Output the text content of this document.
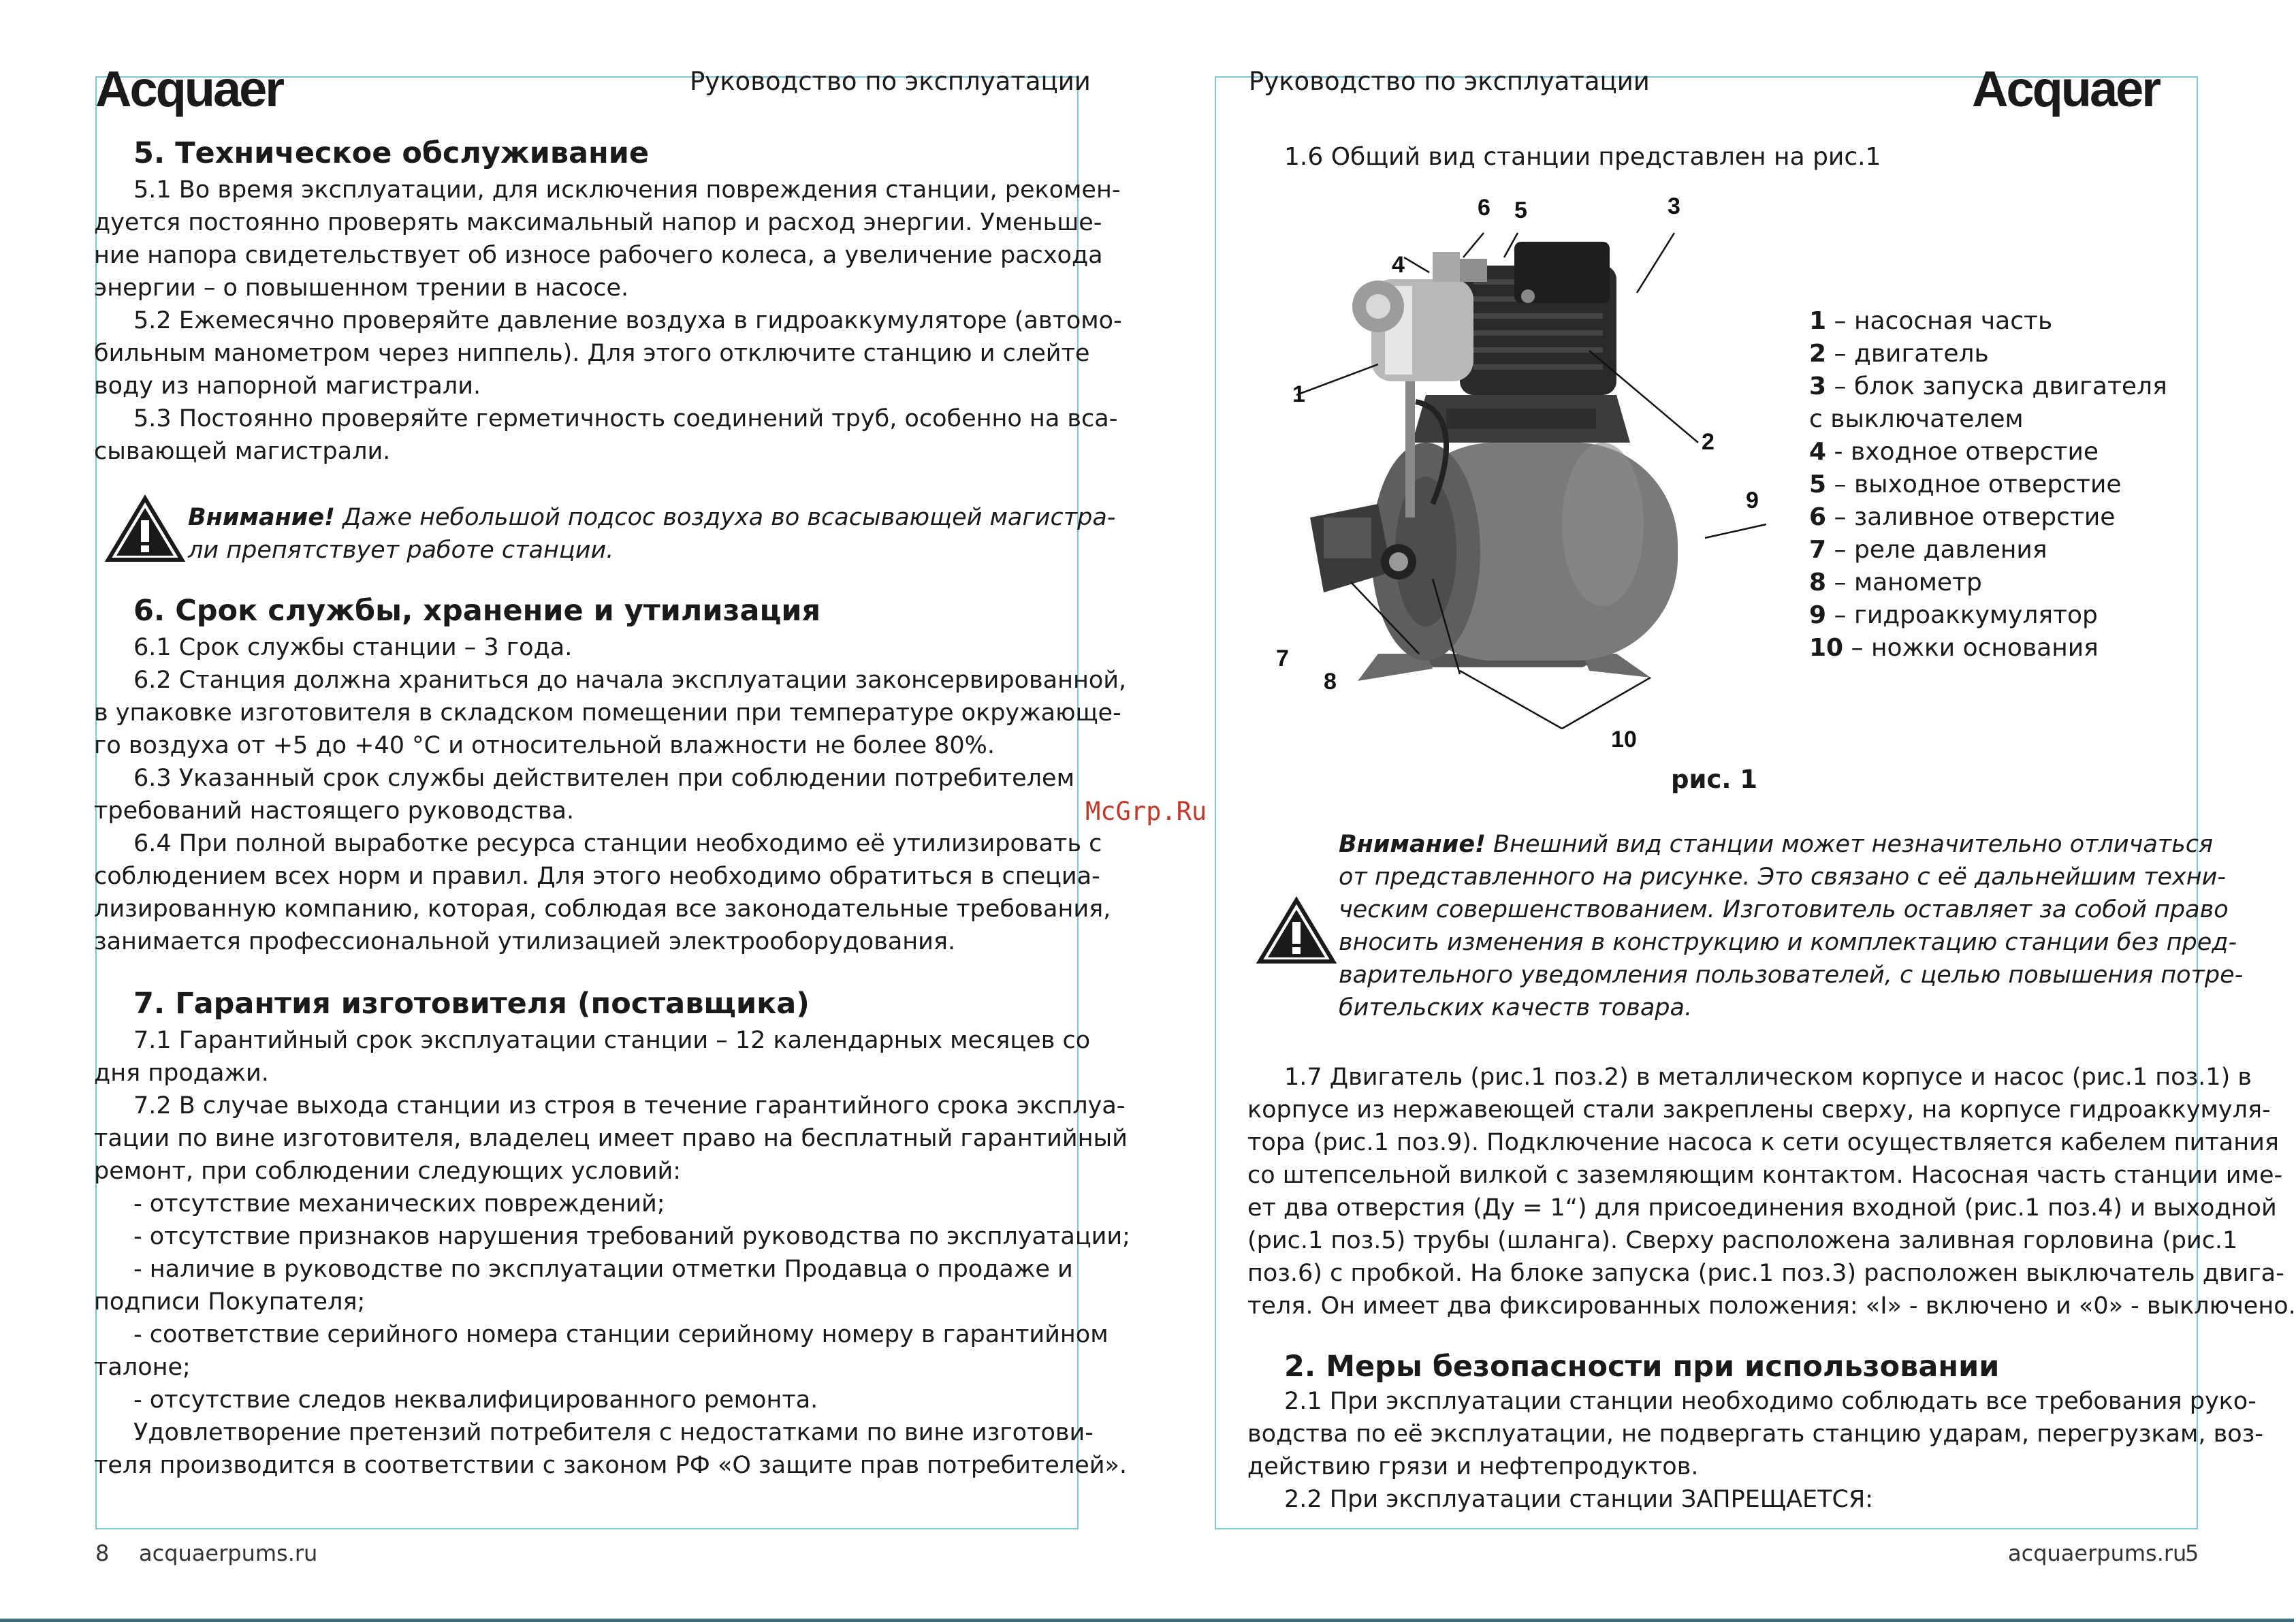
Acquaer	Руководство по эксплуатации
5. Техническое обслуживание
5.1 Во время эксплуатации, для исключения повреждения станции, рекомен-
дуется постоянно проверять максимальный напор и расход энергии. Уменьше-
ние напора свидетельствует об износе рабочего колеса, а увеличение расхода
энергии – о повышенном трении в насосе.
5.2 Ежемесячно проверяйте давление воздуха в гидроаккумуляторе (автомо-
бильным манометром через ниппель). Для этого отключите станцию и слейте
воду из напорной магистрали.
5.3 Постоянно проверяйте герметичность соединений труб, особенно на вса-
сывающей магистрали.
Внимание! Даже небольшой подсос воздуха во всасывающей магистра-
ли препятствует работе станции.
6. Срок службы, хранение и утилизация
6.1 Срок службы станции – 3 года.
6.2 Станция должна храниться до начала эксплуатации законсервированной,
в упаковке изготовителя в складском помещении при температуре окружающе-
го воздуха от +5 до +40 °С и относительной влажности не более 80%.
6.3 Указанный срок службы действителен при соблюдении потребителем
требований настоящего руководства.
6.4 При полной выработке ресурса станции необходимо её утилизировать с
соблюдением всех норм и правил. Для этого необходимо обратиться в специа-
лизированную компанию, которая, соблюдая все законодательные требования,
занимается профессиональной утилизацией электрооборудования.
7. Гарантия изготовителя (поставщика)
7.1 Гарантийный срок эксплуатации станции – 12 календарных месяцев со
дня продажи.
7.2 В случае выхода станции из строя в течение гарантийного срока эксплуа-
тации по вине изготовителя, владелец имеет право на бесплатный гарантийный
ремонт, при соблюдении следующих условий:
- отсутствие механических повреждений;
- отсутствие признаков нарушения требований руководства по эксплуатации;
- наличие в руководстве по эксплуатации отметки Продавца о продаже и
подписи Покупателя;
- соответствие серийного номера станции серийному номеру в гарантийном
талоне;
- отсутствие следов неквалифицированного ремонта.
Удовлетворение претензий потребителя с недостатками по вине изготови-
теля производится в соответствии с законом РФ «О защите прав потребителей».
8 acquaerpums.ru
McGrp.Ru
Руководство по эксплуатации	Acquaer
1.6 Общий вид станции представлен на рис.1
1
2
3
4
5
6
7
8
9
10
рис. 1
1 – насосная часть
2 – двигатель
3 – блок запуска двигателя
с выключателем
4 - входное отверстие
5 – выходное отверстие
6 – заливное отверстие
7 – реле давления
8 – манометр
9 – гидроаккумулятор
10 – ножки основания
Внимание! Внешний вид станции может незначительно отличаться
от представленного на рисунке. Это связано с её дальнейшим техни-
ческим совершенствованием. Изготовитель оставляет за собой право
вносить изменения в конструкцию и комплектацию станции без пред-
варительного уведомления пользователей, с целью повышения потре-
бительских качеств товара.
1.7 Двигатель (рис.1 поз.2) в металлическом корпусе и насос (рис.1 поз.1) в
корпусе из нержавеющей стали закреплены сверху, на корпусе гидроаккумуля-
тора (рис.1 поз.9). Подключение насоса к сети осуществляется кабелем питания
со штепсельной вилкой с заземляющим контактом. Насосная часть станции име-
ет два отверстия (Ду = 1“) для присоединения входной (рис.1 поз.4) и выходной
(рис.1 поз.5) трубы (шланга). Сверху расположена заливная горловина (рис.1
поз.6) с пробкой. На блоке запуска (рис.1 поз.3) расположен выключатель двига-
теля. Он имеет два фиксированных положения: «I» - включено и «0» - выключено.
2. Меры безопасности при использовании
2.1 При эксплуатации станции необходимо соблюдать все требования руко-
водства по её эксплуатации, не подвергать станцию ударам, перегрузкам, воз-
действию грязи и нефтепродуктов.
2.2 При эксплуатации станции ЗАПРЕЩАЕТСЯ:
acquaerpums.ru
5
